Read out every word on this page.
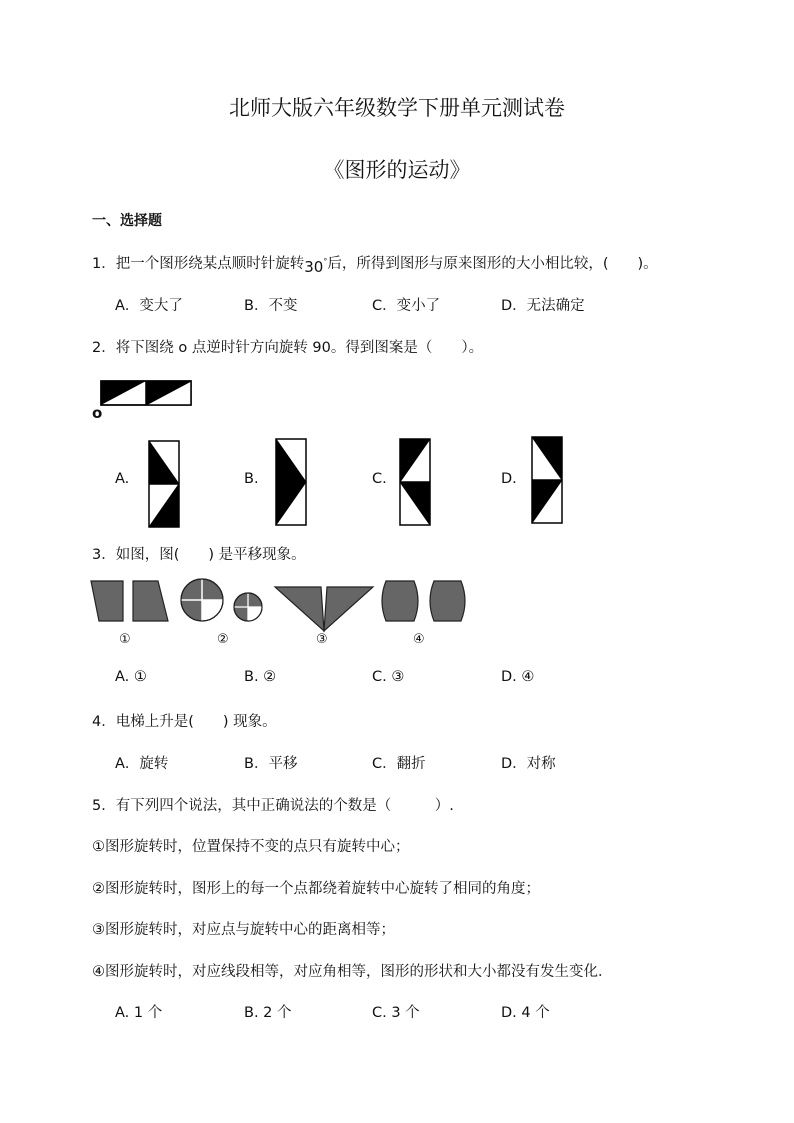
北师大版六年级数学下册单元测试卷
《图形的运动》
一、选择题
1．把一个图形绕某点顺时针旋转30°后，所得到图形与原来图形的大小相比较，(　　)。
A．变大了	B．不变	C．变小了	D．无法确定
2．将下图绕 o 点逆时针方向旋转 90。得到图案是（　　）。
o
A.	B.	C.	D.
3．如图，图(　　) 是平移现象。
①	②	③	④
A. ①	B. ②	C. ③	D. ④
4．电梯上升是(　　) 现象。
A．旋转	B．平移	C．翻折	D．对称
5．有下列四个说法，其中正确说法的个数是（　　　）.
①图形旋转时，位置保持不变的点只有旋转中心；
②图形旋转时，图形上的每一个点都绕着旋转中心旋转了相同的角度；
③图形旋转时，对应点与旋转中心的距离相等；
④图形旋转时，对应线段相等，对应角相等，图形的形状和大小都没有发生变化．
A. 1 个	B. 2 个	C. 3 个	D. 4 个
